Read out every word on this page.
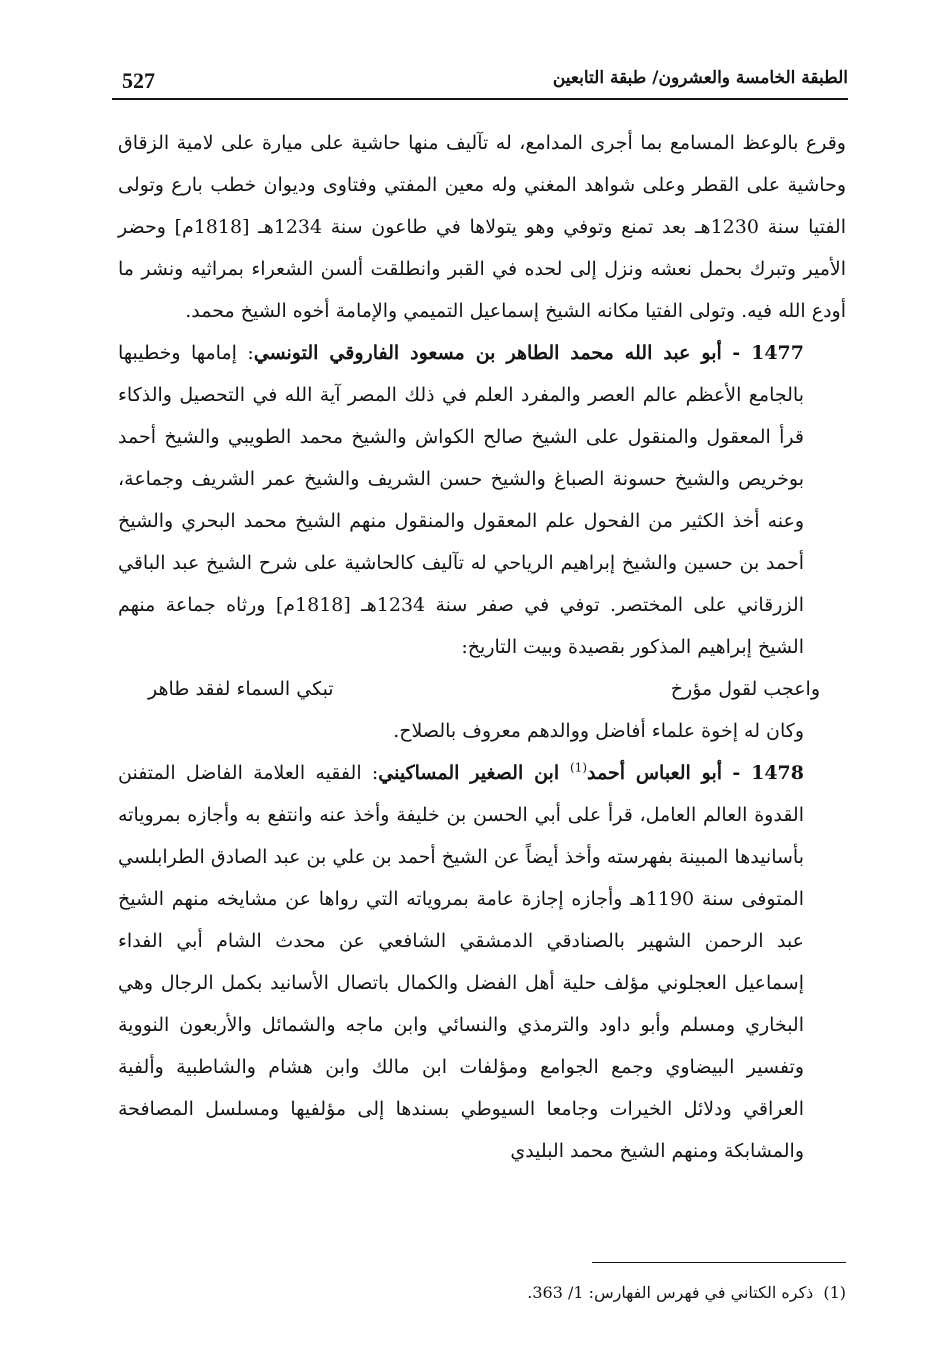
527	الطبقة الخامسة والعشرون/ طبقة التابعين

وقرع بالوعظ المسامع بما أجرى المدامع، له تآليف منها حاشية على ميارة على لامية الزقاق وحاشية على القطر وعلى شواهد المغني وله معين المفتي وفتاوى وديوان خطب بارع وتولى الفتيا سنة 1230هـ بعد تمنع وتوفي وهو يتولاها في طاعون سنة 1234هـ [1818م] وحضر الأمير وتبرك بحمل نعشه ونزل إلى لحده في القبر وانطلقت ألسن الشعراء بمراثيه ونشر ما أودع الله فيه. وتولى الفتيا مكانه الشيخ إسماعيل التميمي والإمامة أخوه الشيخ محمد.

1477 - أبو عبد الله محمد الطاهر بن مسعود الفاروقي التونسي: إمامها وخطيبها بالجامع الأعظم عالم العصر والمفرد العلم في ذلك المصر آية الله في التحصيل والذكاء قرأ المعقول والمنقول على الشيخ صالح الكواش والشيخ محمد الطويبي والشيخ أحمد بوخريص والشيخ حسونة الصباغ والشيخ حسن الشريف والشيخ عمر الشريف وجماعة، وعنه أخذ الكثير من الفحول علم المعقول والمنقول منهم الشيخ محمد البحري والشيخ أحمد بن حسين والشيخ إبراهيم الرياحي له تآليف كالحاشية على شرح الشيخ عبد الباقي الزرقاني على المختصر. توفي في صفر سنة 1234هـ [1818م] ورثاه جماعة منهم الشيخ إبراهيم المذكور بقصيدة وبيت التاريخ:

واعجب لقول مؤرخ
تبكي السماء لفقد طاهر

وكان له إخوة علماء أفاضل ووالدهم معروف بالصلاح.

1478 - أبو العباس أحمد$^{(1)}$ ابن الصغير المساكيني: الفقيه العلامة الفاضل المتفنن القدوة العالم العامل، قرأ على أبي الحسن بن خليفة وأخذ عنه وانتفع به وأجازه بمروياته بأسانيدها المبينة بفهرسته وأخذ أيضاً عن الشيخ أحمد بن علي بن عبد الصادق الطرابلسي المتوفى سنة 1190هـ وأجازه إجازة عامة بمروياته التي رواها عن مشايخه منهم الشيخ عبد الرحمن الشهير بالصنادقي الدمشقي الشافعي عن محدث الشام أبي الفداء إسماعيل العجلوني مؤلف حلية أهل الفضل والكمال باتصال الأسانيد بكمل الرجال وهي البخاري ومسلم وأبو داود والترمذي والنسائي وابن ماجه والشمائل والأربعون النووية وتفسير البيضاوي وجمع الجوامع ومؤلفات ابن مالك وابن هشام والشاطبية وألفية العراقي ودلائل الخيرات وجامعا السيوطي بسندها إلى مؤلفيها ومسلسل المصافحة والمشابكة ومنهم الشيخ محمد البليدي

(1)ذكره الكتاني في فهرس الفهارس: 1/ 363.
